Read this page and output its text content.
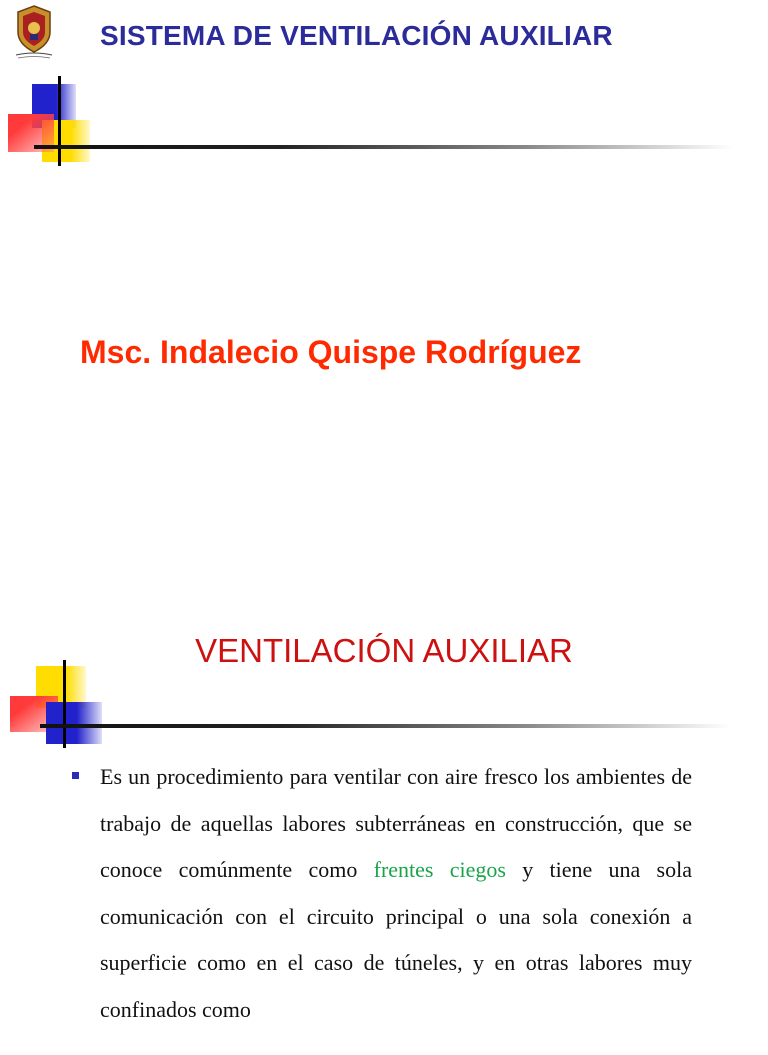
SISTEMA DE VENTILACIÓN AUXILIAR
Msc. Indalecio Quispe Rodríguez
VENTILACIÓN AUXILIAR

Es un procedimiento para ventilar con aire fresco los ambientes de trabajo de aquellas labores subterráneas en construcción, que se conoce comúnmente como frentes ciegos y tiene una sola comunicación con el circuito principal o una sola conexión a superficie como en el caso de túneles, y en otras labores muy confinados como
